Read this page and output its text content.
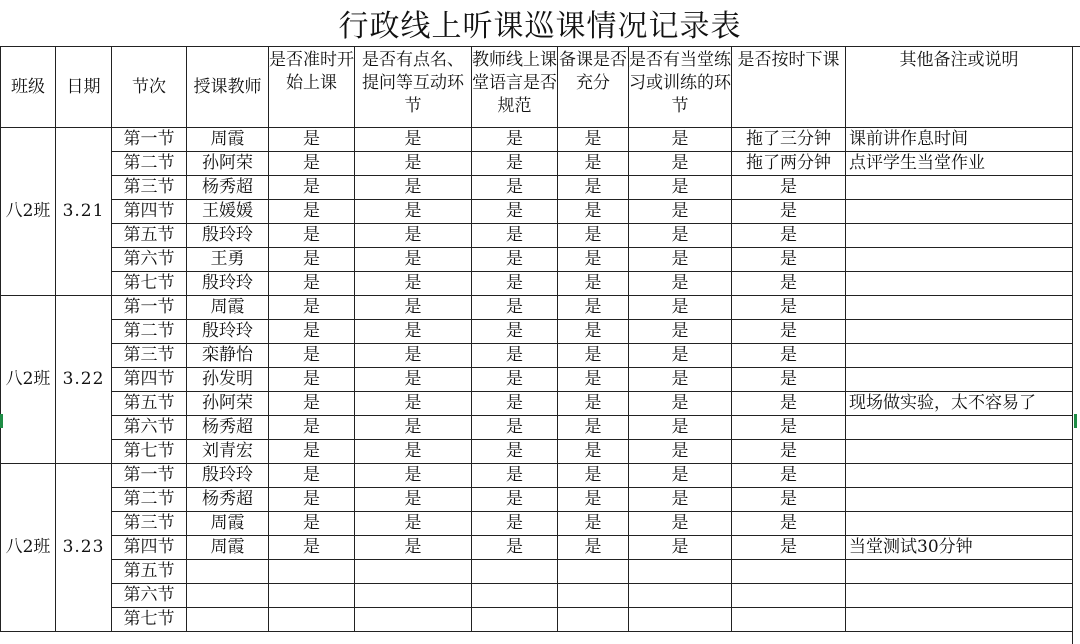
行政线上听课巡课情况记录表
班级	日期	节次	授课教师	是否准时开始上课	是否有点名、提问等互动环节	教师线上课堂语言是否规范	备课是否充分	是否有当堂练习或训练的环节	是否按时下课	其他备注或说明
八2班	3.21	第一节	周霞	是	是	是	是	是	拖了三分钟	课前讲作息时间
		第二节	孙阿荣	是	是	是	是	是	拖了两分钟	点评学生当堂作业
		第三节	杨秀超	是	是	是	是	是	是	
		第四节	王媛媛	是	是	是	是	是	是	
		第五节	殷玲玲	是	是	是	是	是	是	
		第六节	王勇	是	是	是	是	是	是	
		第七节	殷玲玲	是	是	是	是	是	是	
八2班	3.22	第一节	周霞	是	是	是	是	是	是	
		第二节	殷玲玲	是	是	是	是	是	是	
		第三节	栾静怡	是	是	是	是	是	是	
		第四节	孙发明	是	是	是	是	是	是	
		第五节	孙阿荣	是	是	是	是	是	是	现场做实验，太不容易了
		第六节	杨秀超	是	是	是	是	是	是	
		第七节	刘青宏	是	是	是	是	是	是	
八2班	3.23	第一节	殷玲玲	是	是	是	是	是	是	
		第二节	杨秀超	是	是	是	是	是	是	
		第三节	周霞	是	是	是	是	是	是	
		第四节	周霞	是	是	是	是	是	是	当堂测试30分钟
		第五节								
		第六节								
		第七节								
